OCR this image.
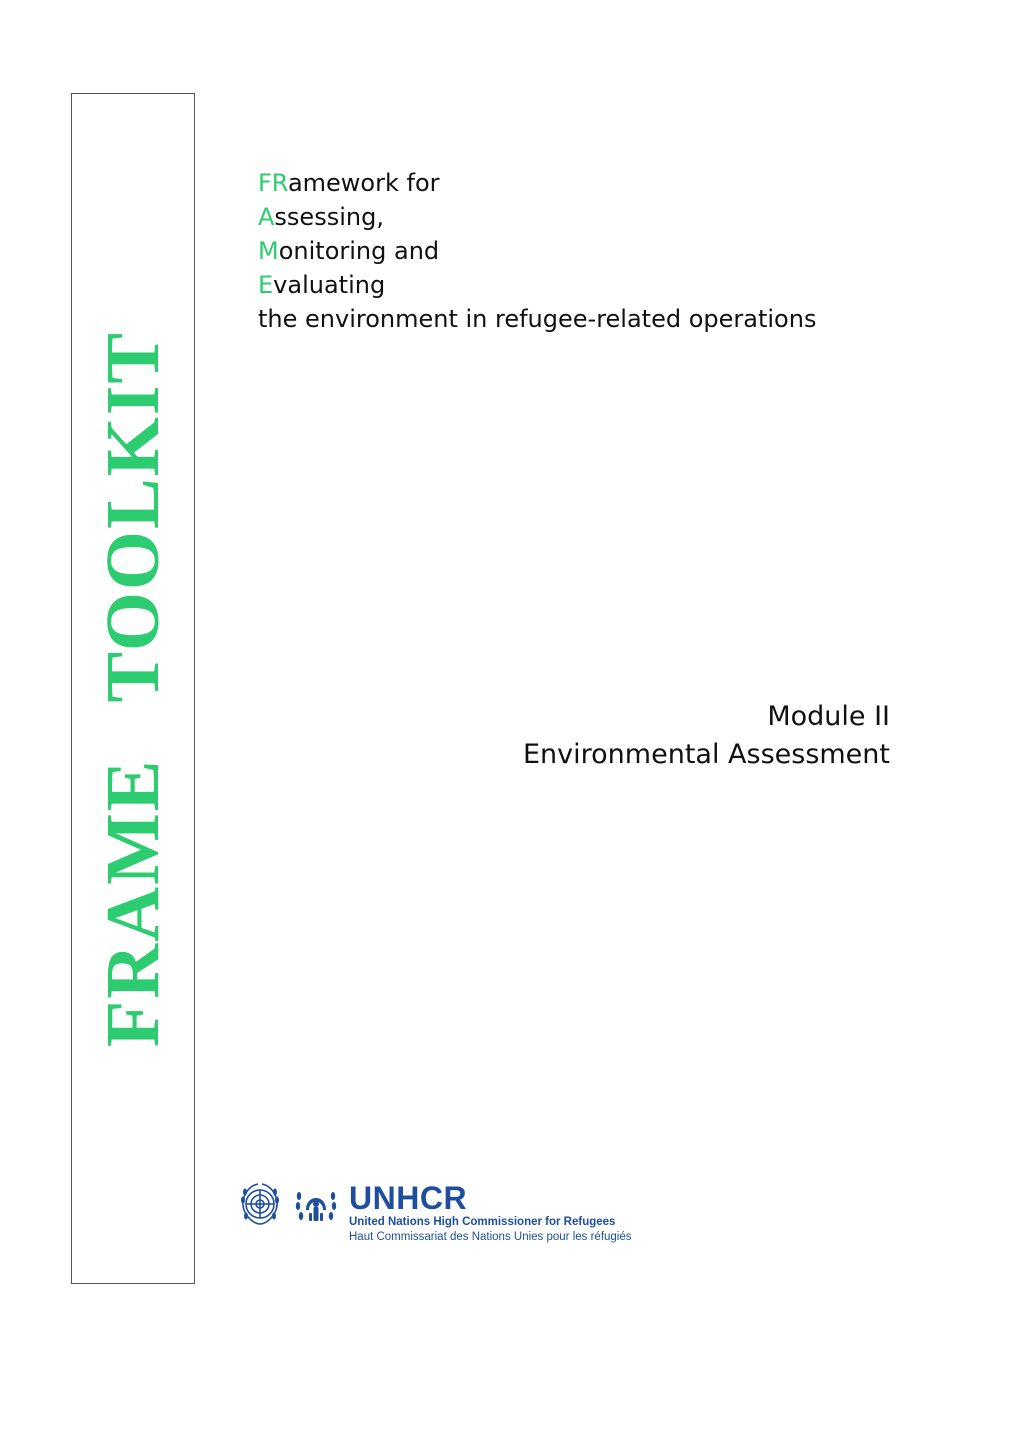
FRAMETOOLKIT
FRamework for
Assessing,
Monitoring and
Evaluating
the environment in refugee-related operations
Module II
Environmental Assessment
UNHCR
United Nations High Commissioner for Refugees
Haut Commissariat des Nations Unies pour les réfugiés
